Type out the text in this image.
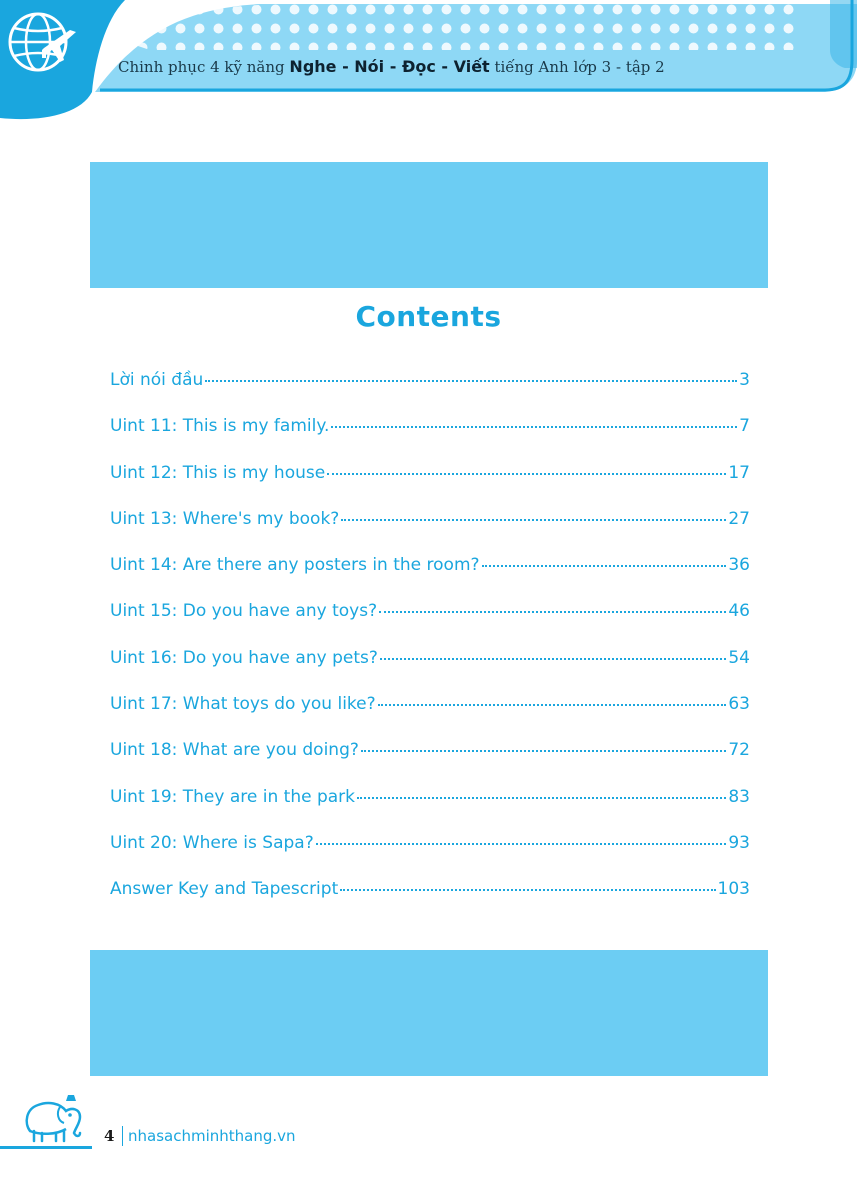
Chinh phục 4 kỹ năng Nghe - Nói - Đọc - Viết tiếng Anh lớp 3 - tập 2
Contents
Lời nói đầu	3
Uint 11: This is my family.	7
Uint 12: This is my house	17
Uint 13: Where's my book?	27
Uint 14: Are there any posters in the room?	36
Uint 15: Do you have any toys?	46
Uint 16: Do you have any pets?	54
Uint 17: What toys do you like?	63
Uint 18: What are you doing?	72
Uint 19: They are in the park	83
Uint 20: Where is Sapa?	93
Answer Key and Tapescript	103
4 nhasachminhthang.vn
